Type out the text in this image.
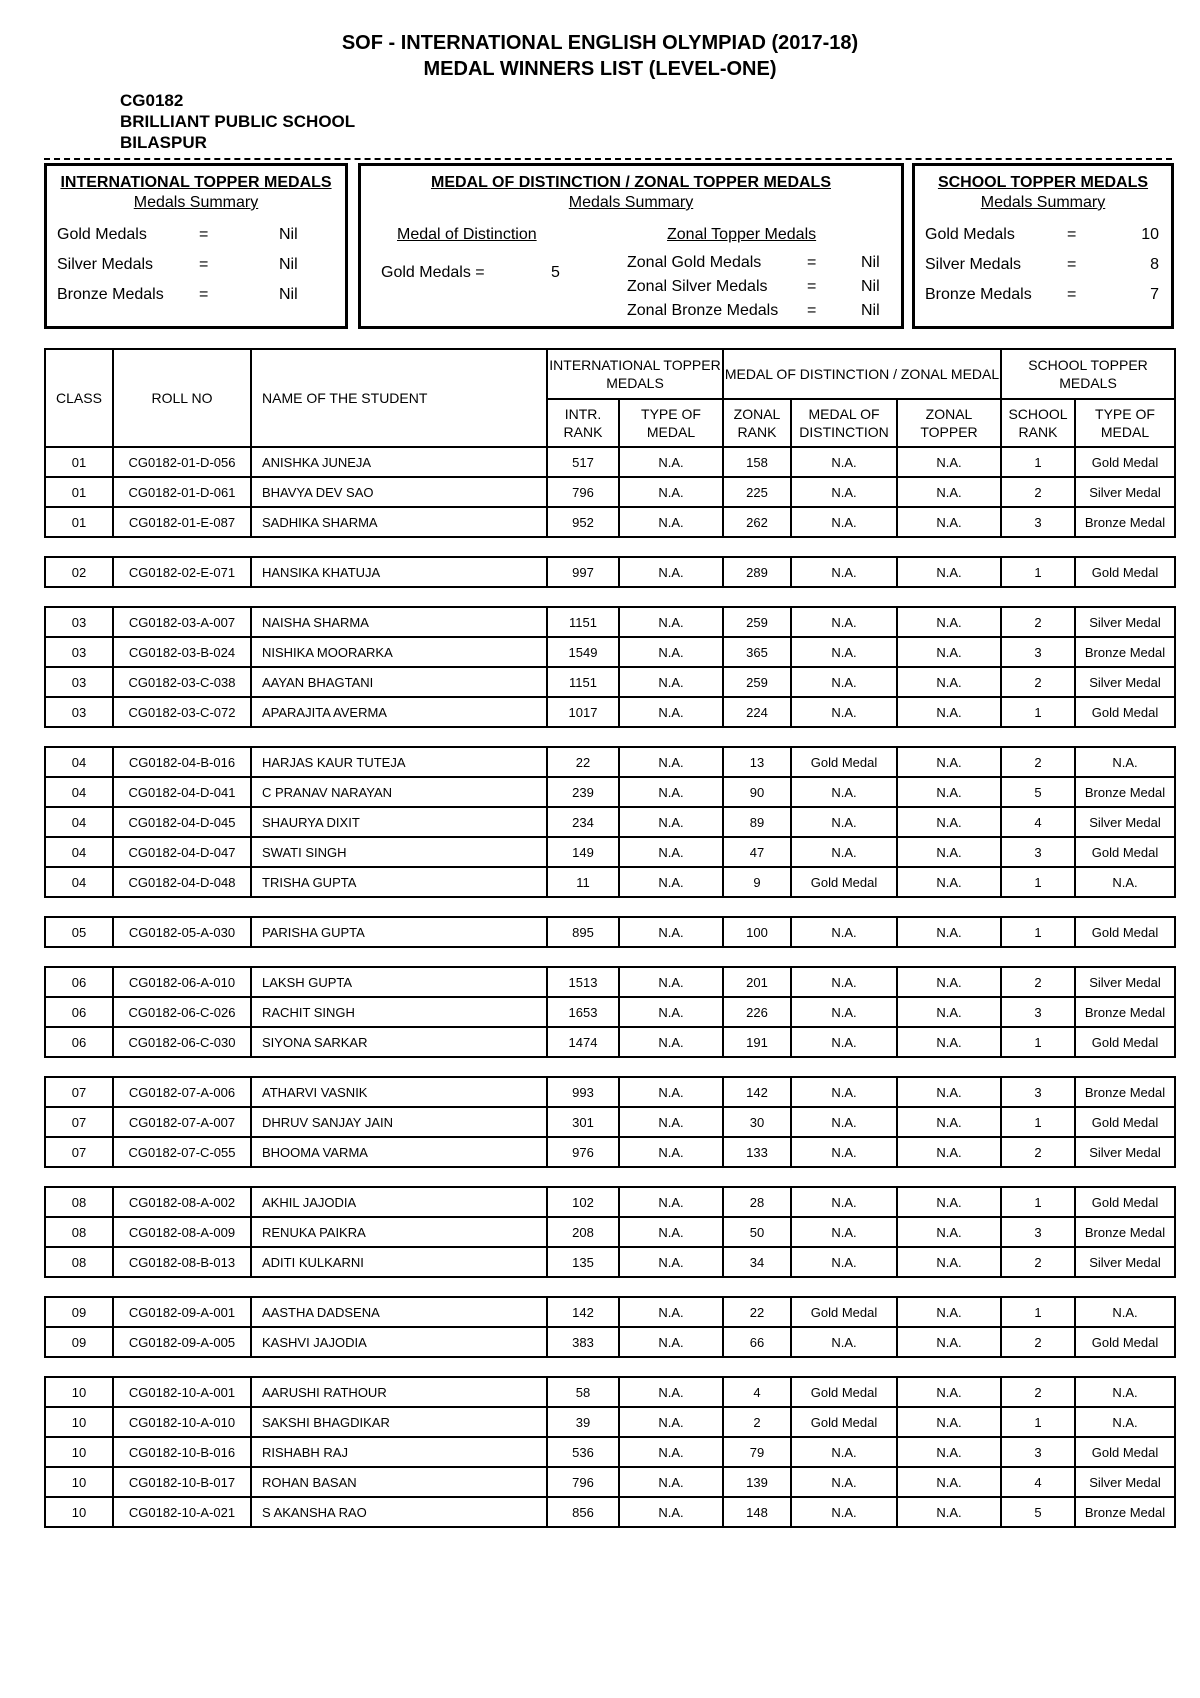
SOF - INTERNATIONAL ENGLISH OLYMPIAD (2017-18)
MEDAL WINNERS LIST (LEVEL-ONE)
CG0182
BRILLIANT PUBLIC SCHOOL
BILASPUR
INTERNATIONAL TOPPER MEDALS
Medals Summary
Gold Medals	=	Nil
Silver Medals	=	Nil
Bronze Medals =	Nil
MEDAL OF DISTINCTION / ZONAL TOPPER MEDALS
Medals Summary
Medal of Distinction	Zonal Topper Medals
Gold Medals =	5
Zonal Gold Medals	=	Nil
Zonal Silver Medals =	Nil
Zonal Bronze Medals =	Nil
SCHOOL TOPPER MEDALS
Medals Summary
Gold Medals	=	10
Silver Medals	=	8
Bronze Medals =	7
CLASS	ROLL NO	NAME OF THE STUDENT	INTERNATIONAL TOPPER MEDALS		MEDAL OF DISTINCTION / ZONAL MEDAL			SCHOOL TOPPER MEDALS	
			INTR. RANK	TYPE OF MEDAL	ZONAL RANK	MEDAL OF DISTINCTION	ZONAL TOPPER	SCHOOL RANK	TYPE OF MEDAL
01	CG0182-01-D-056	ANISHKA JUNEJA	517	N.A.	158	N.A.	N.A.	1	Gold Medal
01	CG0182-01-D-061	BHAVYA DEV SAO	796	N.A.	225	N.A.	N.A.	2	Silver Medal
01	CG0182-01-E-087	SADHIKA SHARMA	952	N.A.	262	N.A.	N.A.	3	Bronze Medal

02	CG0182-02-E-071	HANSIKA KHATUJA	997	N.A.	289	N.A.	N.A.	1	Gold Medal

03	CG0182-03-A-007	NAISHA SHARMA	1151	N.A.	259	N.A.	N.A.	2	Silver Medal
03	CG0182-03-B-024	NISHIKA MOORARKA	1549	N.A.	365	N.A.	N.A.	3	Bronze Medal
03	CG0182-03-C-038	AAYAN BHAGTANI	1151	N.A.	259	N.A.	N.A.	2	Silver Medal
03	CG0182-03-C-072	APARAJITA AVERMA	1017	N.A.	224	N.A.	N.A.	1	Gold Medal

04	CG0182-04-B-016	HARJAS KAUR TUTEJA	22	N.A.	13	Gold Medal	N.A.	2	N.A.
04	CG0182-04-D-041	C PRANAV NARAYAN	239	N.A.	90	N.A.	N.A.	5	Bronze Medal
04	CG0182-04-D-045	SHAURYA DIXIT	234	N.A.	89	N.A.	N.A.	4	Silver Medal
04	CG0182-04-D-047	SWATI SINGH	149	N.A.	47	N.A.	N.A.	3	Gold Medal
04	CG0182-04-D-048	TRISHA GUPTA	11	N.A.	9	Gold Medal	N.A.	1	N.A.

05	CG0182-05-A-030	PARISHA GUPTA	895	N.A.	100	N.A.	N.A.	1	Gold Medal

06	CG0182-06-A-010	LAKSH GUPTA	1513	N.A.	201	N.A.	N.A.	2	Silver Medal
06	CG0182-06-C-026	RACHIT SINGH	1653	N.A.	226	N.A.	N.A.	3	Bronze Medal
06	CG0182-06-C-030	SIYONA SARKAR	1474	N.A.	191	N.A.	N.A.	1	Gold Medal

07	CG0182-07-A-006	ATHARVI VASNIK	993	N.A.	142	N.A.	N.A.	3	Bronze Medal
07	CG0182-07-A-007	DHRUV SANJAY JAIN	301	N.A.	30	N.A.	N.A.	1	Gold Medal
07	CG0182-07-C-055	BHOOMA VARMA	976	N.A.	133	N.A.	N.A.	2	Silver Medal

08	CG0182-08-A-002	AKHIL JAJODIA	102	N.A.	28	N.A.	N.A.	1	Gold Medal
08	CG0182-08-A-009	RENUKA PAIKRA	208	N.A.	50	N.A.	N.A.	3	Bronze Medal
08	CG0182-08-B-013	ADITI KULKARNI	135	N.A.	34	N.A.	N.A.	2	Silver Medal

09	CG0182-09-A-001	AASTHA DADSENA	142	N.A.	22	Gold Medal	N.A.	1	N.A.
09	CG0182-09-A-005	KASHVI JAJODIA	383	N.A.	66	N.A.	N.A.	2	Gold Medal

10	CG0182-10-A-001	AARUSHI RATHOUR	58	N.A.	4	Gold Medal	N.A.	2	N.A.
10	CG0182-10-A-010	SAKSHI BHAGDIKAR	39	N.A.	2	Gold Medal	N.A.	1	N.A.
10	CG0182-10-B-016	RISHABH RAJ	536	N.A.	79	N.A.	N.A.	3	Gold Medal
10	CG0182-10-B-017	ROHAN BASAN	796	N.A.	139	N.A.	N.A.	4	Silver Medal
10	CG0182-10-A-021	S AKANSHA RAO	856	N.A.	148	N.A.	N.A.	5	Bronze Medal
